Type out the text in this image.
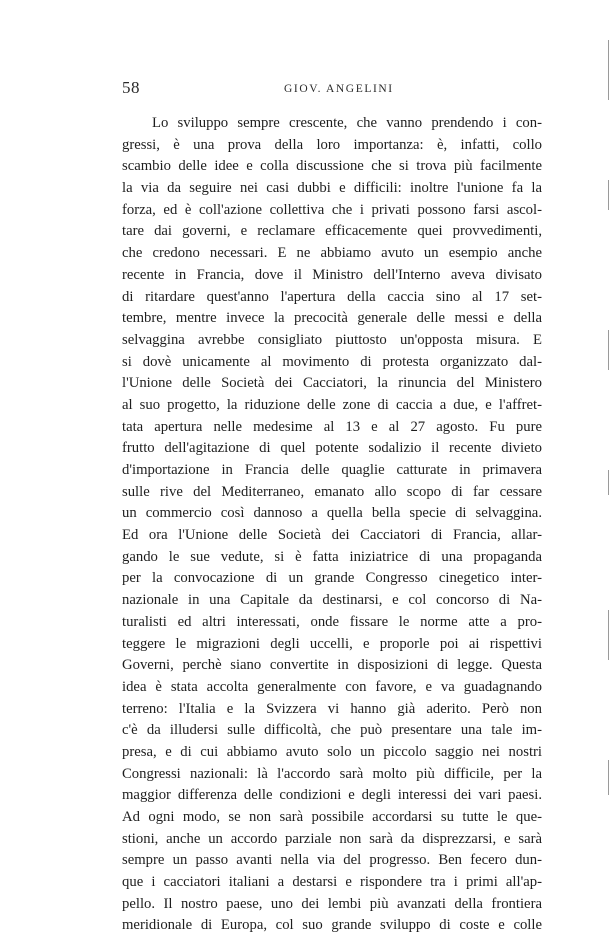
58	GIOV. ANGELINI
Lo sviluppo sempre crescente, che vanno prendendo i con-
gressi, è una prova della loro importanza: è, infatti, collo
scambio delle idee e colla discussione che si trova più facilmente
la via da seguire nei casi dubbi e difficili: inoltre l'unione fa la
forza, ed è coll'azione collettiva che i privati possono farsi ascol-
tare dai governi, e reclamare efficacemente quei provvedimenti,
che credono necessari. E ne abbiamo avuto un esempio anche
recente in Francia, dove il Ministro dell'Interno aveva divisato
di ritardare quest'anno l'apertura della caccia sino al 17 set-
tembre, mentre invece la precocità generale delle messi e della
selvaggina avrebbe consigliato piuttosto un'opposta misura. E
si dovè unicamente al movimento di protesta organizzato dal-
l'Unione delle Società dei Cacciatori, la rinuncia del Ministero
al suo progetto, la riduzione delle zone di caccia a due, e l'affret-
tata apertura nelle medesime al 13 e al 27 agosto. Fu pure
frutto dell'agitazione di quel potente sodalizio il recente divieto
d'importazione in Francia delle quaglie catturate in primavera
sulle rive del Mediterraneo, emanato allo scopo di far cessare
un commercio così dannoso a quella bella specie di selvaggina.
Ed ora l'Unione delle Società dei Cacciatori di Francia, allar-
gando le sue vedute, si è fatta iniziatrice di una propaganda
per la convocazione di un grande Congresso cinegetico inter-
nazionale in una Capitale da destinarsi, e col concorso di Na-
turalisti ed altri interessati, onde fissare le norme atte a pro-
teggere le migrazioni degli uccelli, e proporle poi ai rispettivi
Governi, perchè siano convertite in disposizioni di legge. Questa
idea è stata accolta generalmente con favore, e va guadagnando
terreno: l'Italia e la Svizzera vi hanno già aderito. Però non
c'è da illudersi sulle difficoltà, che può presentare una tale im-
presa, e di cui abbiamo avuto solo un piccolo saggio nei nostri
Congressi nazionali: là l'accordo sarà molto più difficile, per la
maggior differenza delle condizioni e degli interessi dei vari paesi.
Ad ogni modo, se non sarà possibile accordarsi su tutte le que-
stioni, anche un accordo parziale non sarà da disprezzarsi, e sarà
sempre un passo avanti nella via del progresso. Ben fecero dun-
que i cacciatori italiani a destarsi e rispondere tra i primi all'ap-
pello. Il nostro paese, uno dei lembi più avanzati della frontiera
meridionale di Europa, col suo grande sviluppo di coste e colle
